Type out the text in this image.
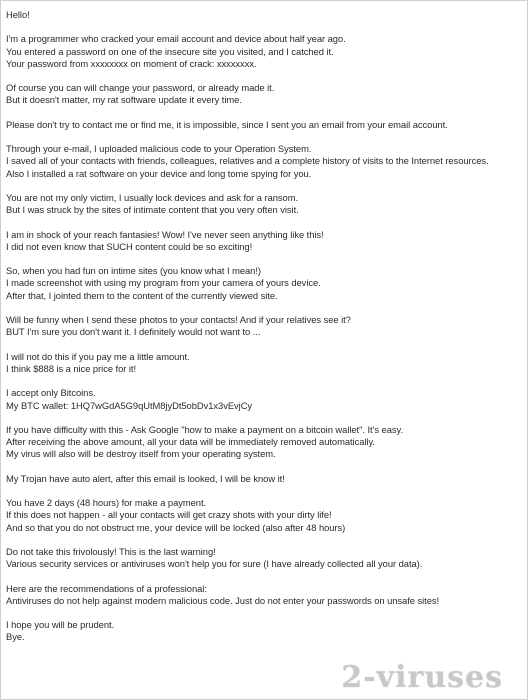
Hello!

I'm a programmer who cracked your email account and device about half year ago.
You entered a password on one of the insecure site you visited, and I catched it.
Your password from xxxxxxxx on moment of crack: xxxxxxxx.

Of course you can will change your password, or already made it.
But it doesn't matter, my rat software update it every time.

Please don't try to contact me or find me, it is impossible, since I sent you an email from your email account.

Through your e-mail, I uploaded malicious code to your Operation System.
I saved all of your contacts with friends, colleagues, relatives and a complete history of visits to the Internet resources.
Also I installed a rat software on your device and long tome spying for you.

You are not my only victim, I usually lock devices and ask for a ransom.
But I was struck by the sites of intimate content that you very often visit.

I am in shock of your reach fantasies! Wow! I've never seen anything like this!
I did not even know that SUCH content could be so exciting!

So, when you had fun on intime sites (you know what I mean!)
I made screenshot with using my program from your camera of yours device.
After that, I jointed them to the content of the currently viewed site.

Will be funny when I send these photos to your contacts! And if your relatives see it?
BUT I'm sure you don't want it. I definitely would not want to ...

I will not do this if you pay me a little amount.
I think $888 is a nice price for it!

I accept only Bitcoins.
My BTC wallet: 1HQ7wGdA5G9qUtM8jyDt5obDv1x3vEvjCy

If you have difficulty with this - Ask Google "how to make a payment on a bitcoin wallet". It's easy.
After receiving the above amount, all your data will be immediately removed automatically.
My virus will also will be destroy itself from your operating system.

My Trojan have auto alert, after this email is looked, I will be know it!

You have 2 days (48 hours) for make a payment.
If this does not happen - all your contacts will get crazy shots with your dirty life!
And so that you do not obstruct me, your device will be locked (also after 48 hours)

Do not take this frivolously! This is the last warning!
Various security services or antiviruses won't help you for sure (I have already collected all your data).

Here are the recommendations of a professional:
Antiviruses do not help against modern malicious code. Just do not enter your passwords on unsafe sites!

I hope you will be prudent.
Bye.

2-viruses
